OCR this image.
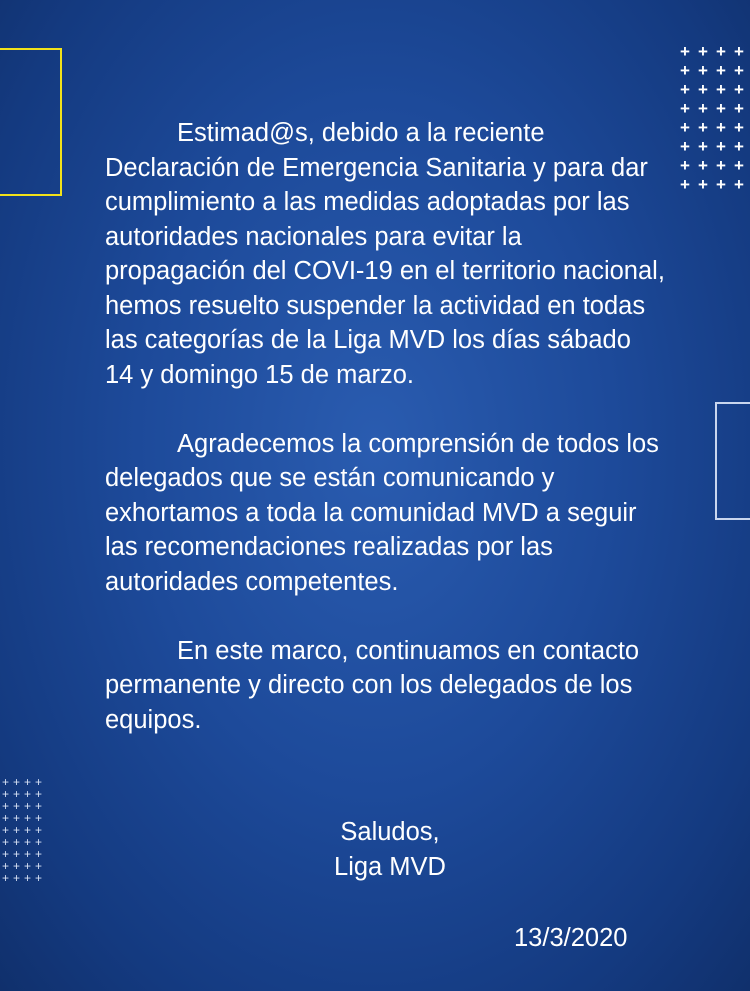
+ + + +
+ + + +
+ + + +
+ + + +
+ + + +
+ + + +
+ + + +
+ + + +
+ + + +
+ + + +
+ + + +
+ + + +
+ + + +
+ + + +
+ + + +
+ + + +
+ + + +

Estimad@s, debido a la reciente Declaración de Emergencia Sanitaria y para dar cumplimiento a las medidas adoptadas por las autoridades nacionales para evitar la propagación del COVI-19 en el territorio nacional, hemos resuelto suspender la actividad en todas las categorías de la Liga MVD los días sábado 14 y domingo 15 de marzo.

Agradecemos la comprensión de todos los delegados que se están comunicando y exhortamos a toda la comunidad MVD a seguir las recomendaciones realizadas por las autoridades competentes.

En este marco, continuamos en contacto permanente y directo con los delegados de los equipos.

Saludos,
Liga MVD
13/3/2020
